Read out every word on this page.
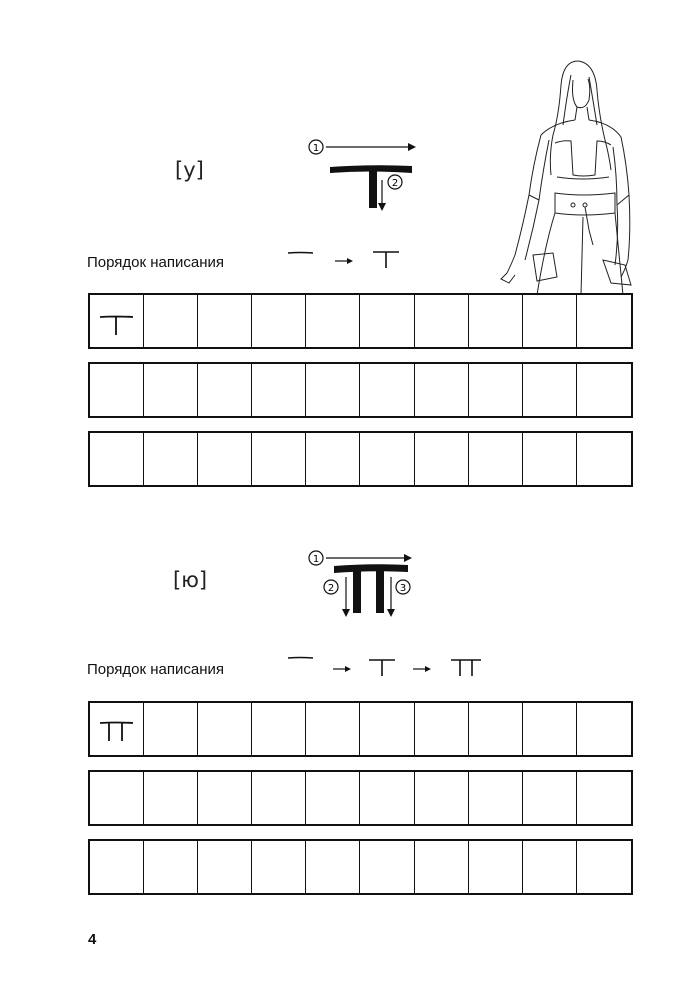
[у]
1
2
Порядок написания
[ю]
1
2	3
Порядок написания
4
